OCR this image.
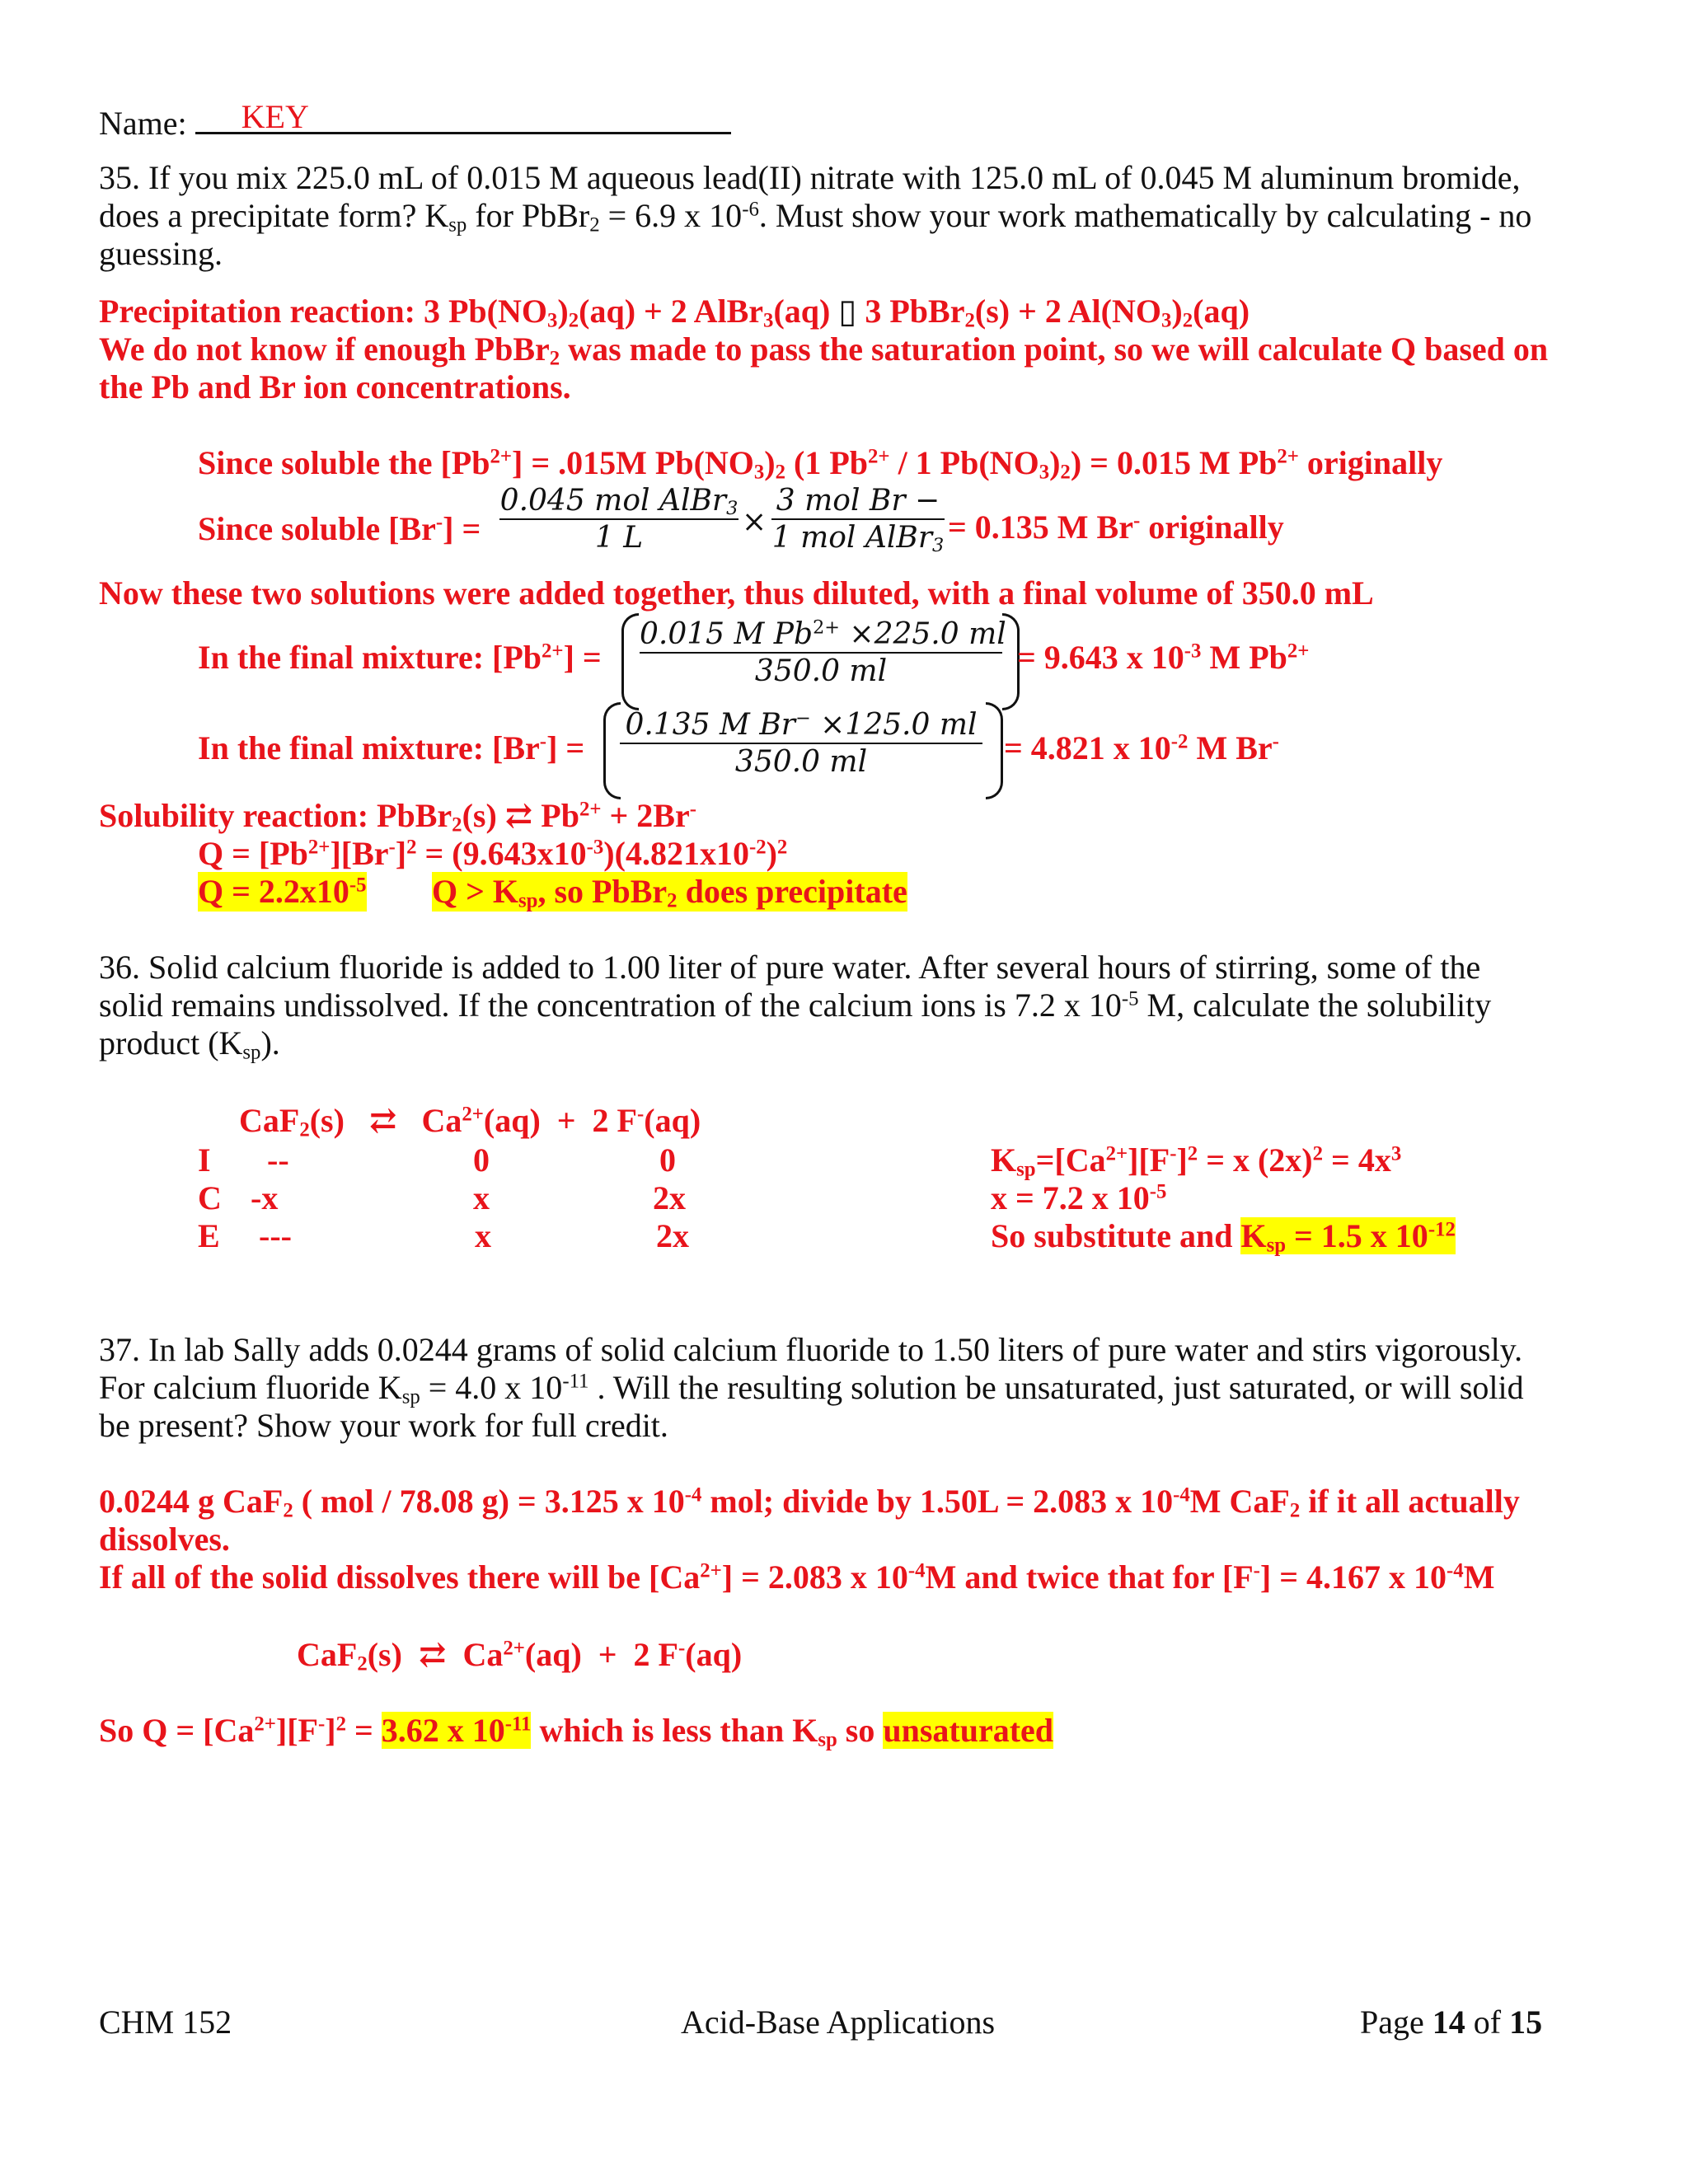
Name: KEY
35. If you mix 225.0 mL of 0.015 M aqueous lead(II) nitrate with 125.0 mL of 0.045 M aluminum bromide,
does a precipitate form? $K_{sp}$ for PbBr$_2$ = 6.9 x $10^{-6}$. Must show your work mathematically by calculating - no
guessing.
Precipitation reaction: 3 $Pb(NO_3)_2(aq) + 2$ AlBr$_3$(aq) ▯ 3 PbBr$_2$(s) + 2 $Al(NO_3)_2(aq)$
We do not know if enough PbBr$_2$ was made to pass the saturation point, so we will calculate Q based on
the Pb and Br ion concentrations.
Since soluble the $[Pb^{2+}] = .015M$ $Pb(NO_3)_2$ (1 $Pb^{2+} / 1$ $Pb(NO_3)_2) = 0.015$ M $Pb^{2+}$ originally
Since soluble [Br-] =
0.045 mol AlBr$_3$
1 L	×
3 mol Br −
1 mol AlBr$_3$
= 0.135 M Br- originally
Now these two solutions were added together, thus diluted, with a final volume of 350.0 mL
In the final mixture: $[Pb^{2+}]$ =
0.015 M $Pb^{2+} \times 225.0$ ml
350.0 ml	= 9.643 x $10^{-3}$ M $Pb^{2+}$
In the final mixture: [Br-] =
0.135 M Br− ×125.0 ml
350.0 ml	= 4.821 x $10^{-2}$ M Br-
Solubility reaction: PbBr$_2$(s) ⇄ $Pb^{2+} + 2Br^-$
$Q = [Pb^{2+}][Br^-]^2 = (9.643x10^{-3})(4.821x10^{-2})^2$
$Q = 2.2x10^{-5}$ $Q > K_{sp}$, so PbBr$_2$ does precipitate
36. Solid calcium fluoride is added to 1.00 liter of pure water. After several hours of stirring, some of the
solid remains undissolved. If the concentration of the calcium ions is 7.2 x $10^{-5}$ M, calculate the solubility
product $(K_{sp})$.
CaF$_2$(s)   ⇄   $Ca^{2+}(aq) + 2$ F-(aq)
I --	0	0
C -x	x	2x
E ---	x	2x
$K_{sp}=[Ca^{2+}][F^-]^2 = x$ $(2x)^2 = 4x^3$
x = 7.2 x $10^{-5}$
So substitute and $K_{sp} = 1.5$ x $10^{-12}$
37. In lab Sally adds 0.0244 grams of solid calcium fluoride to 1.50 liters of pure water and stirs vigorously.
For calcium fluoride $K_{sp} = 4.0$ x $10^{-11}$ . Will the resulting solution be unsaturated, just saturated, or will solid
be present? Show your work for full credit.
0.0244 g CaF$_2$ ( mol / 78.08 g) = 3.125 x $10^{-4}$ mol; divide by 1.50L = 2.083 x $10^{-4}M$ CaF$_2$ if it all actually
dissolves.
If all of the solid dissolves there will be $[Ca^{2+}] = 2.083$ x $10^{-4}M$ and twice that for [F-] = 4.167 x $10^{-4}M$
CaF$_2$(s)  ⇄  $Ca^{2+}(aq) + 2$ F-(aq)
So $Q = [Ca^{2+}][F^-]^2 = 3.62$ x $10^{-11}$ which is less than $K_{sp}$ so unsaturated
CHM 152	Acid-Base Applications	Page 14 of 15
